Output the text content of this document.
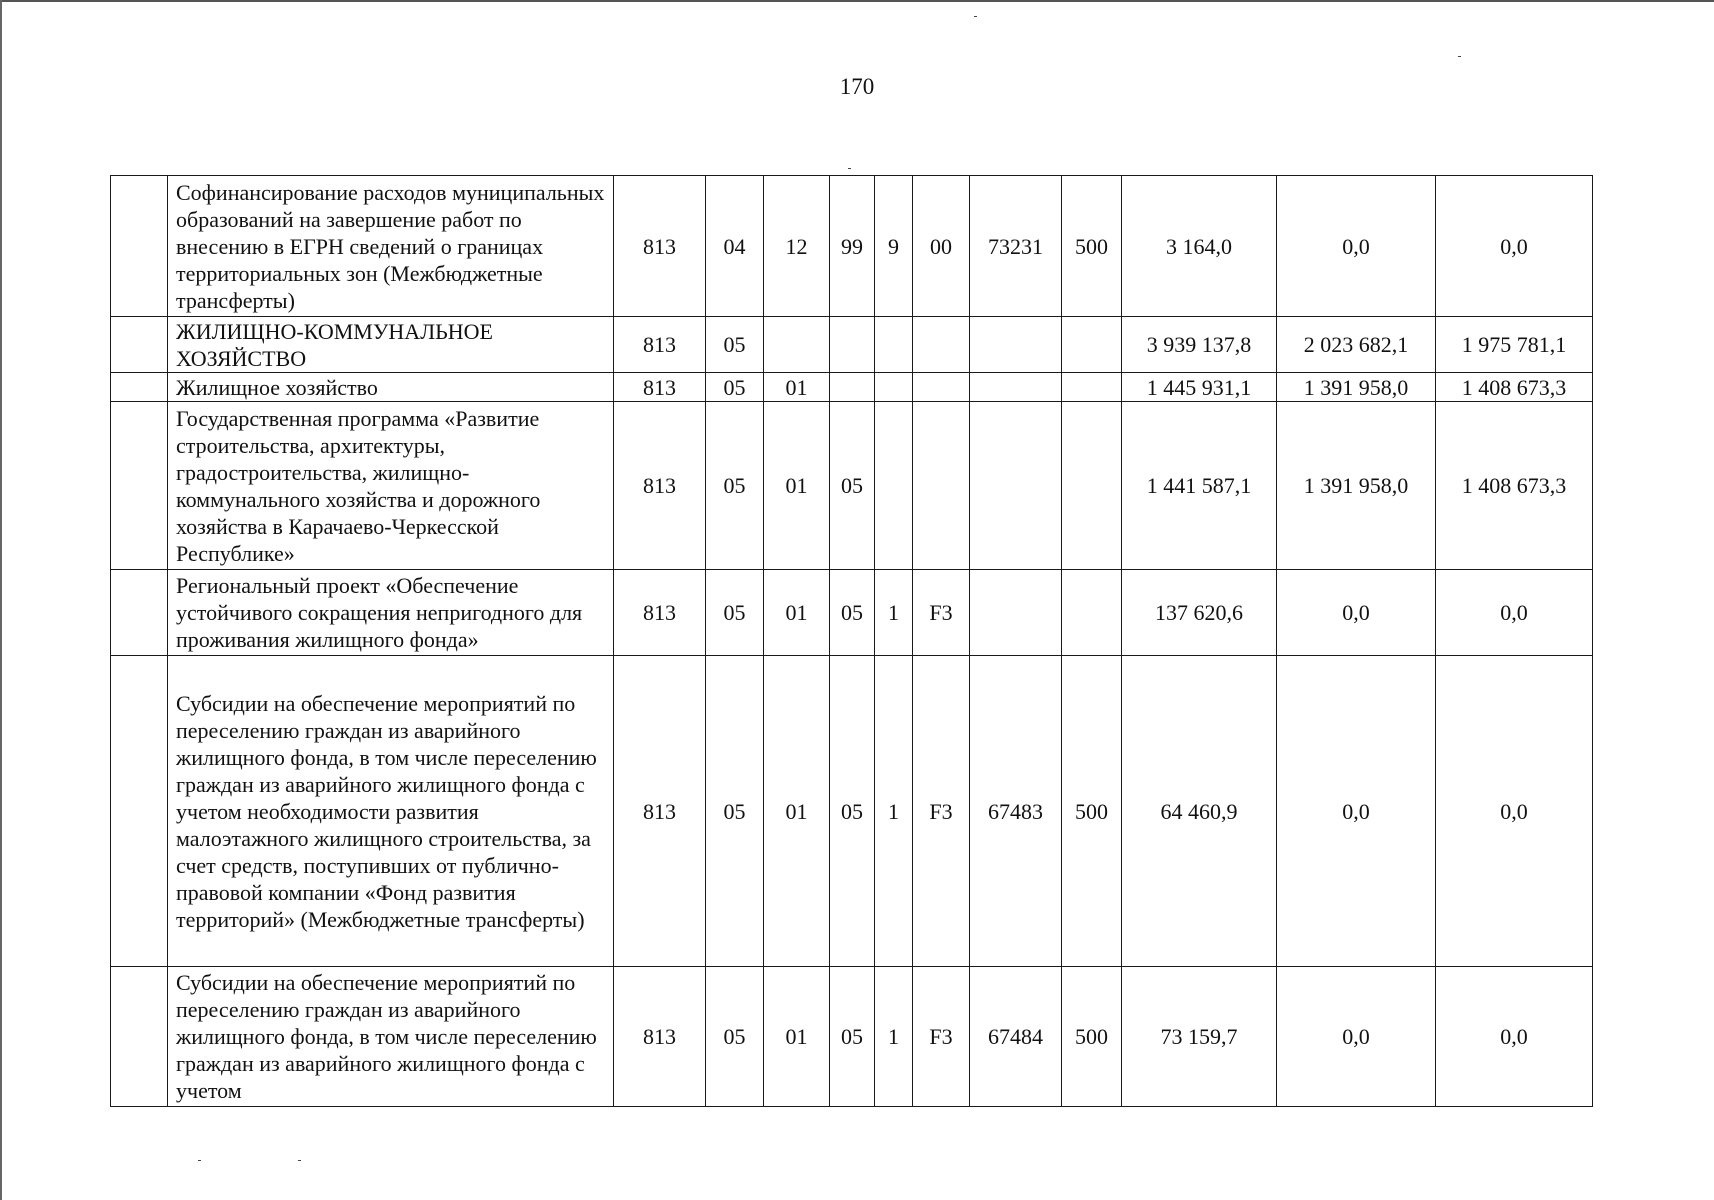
170
	Софинансирование расходов муниципальных образований на завершение работ по внесению в ЕГРН сведений о границах территориальных зон (Межбюджетные трансферты)	813	04	12	99	9	00	73231	500	3 164,0	0,0	0,0
	ЖИЛИЩНО-КОММУНАЛЬНОЕ ХОЗЯЙСТВО	813	05							3 939 137,8	2 023 682,1	1 975 781,1
	Жилищное хозяйство	813	05	01						1 445 931,1	1 391 958,0	1 408 673,3
	Государственная программа «Развитие строительства, архитектуры, градостроительства, жилищно-коммунального хозяйства и дорожного хозяйства в Карачаево-Черкесской Республике»	813	05	01	05					1 441 587,1	1 391 958,0	1 408 673,3
	Региональный проект «Обеспечение устойчивого сокращения непригодного для проживания жилищного фонда»	813	05	01	05	1	F3			137 620,6	0,0	0,0
	Субсидии на обеспечение мероприятий по переселению граждан из аварийного жилищного фонда, в том числе переселению граждан из аварийного жилищного фонда с учетом необходимости развития малоэтажного жилищного строительства, за счет средств, поступивших от публично-правовой компании «Фонд развития территорий» (Межбюджетные трансферты)	813	05	01	05	1	F3	67483	500	64 460,9	0,0	0,0
	Субсидии на обеспечение мероприятий по переселению граждан из аварийного жилищного фонда, в том числе переселению граждан из аварийного жилищного фонда с учетом	813	05	01	05	1	F3	67484	500	73 159,7	0,0	0,0
